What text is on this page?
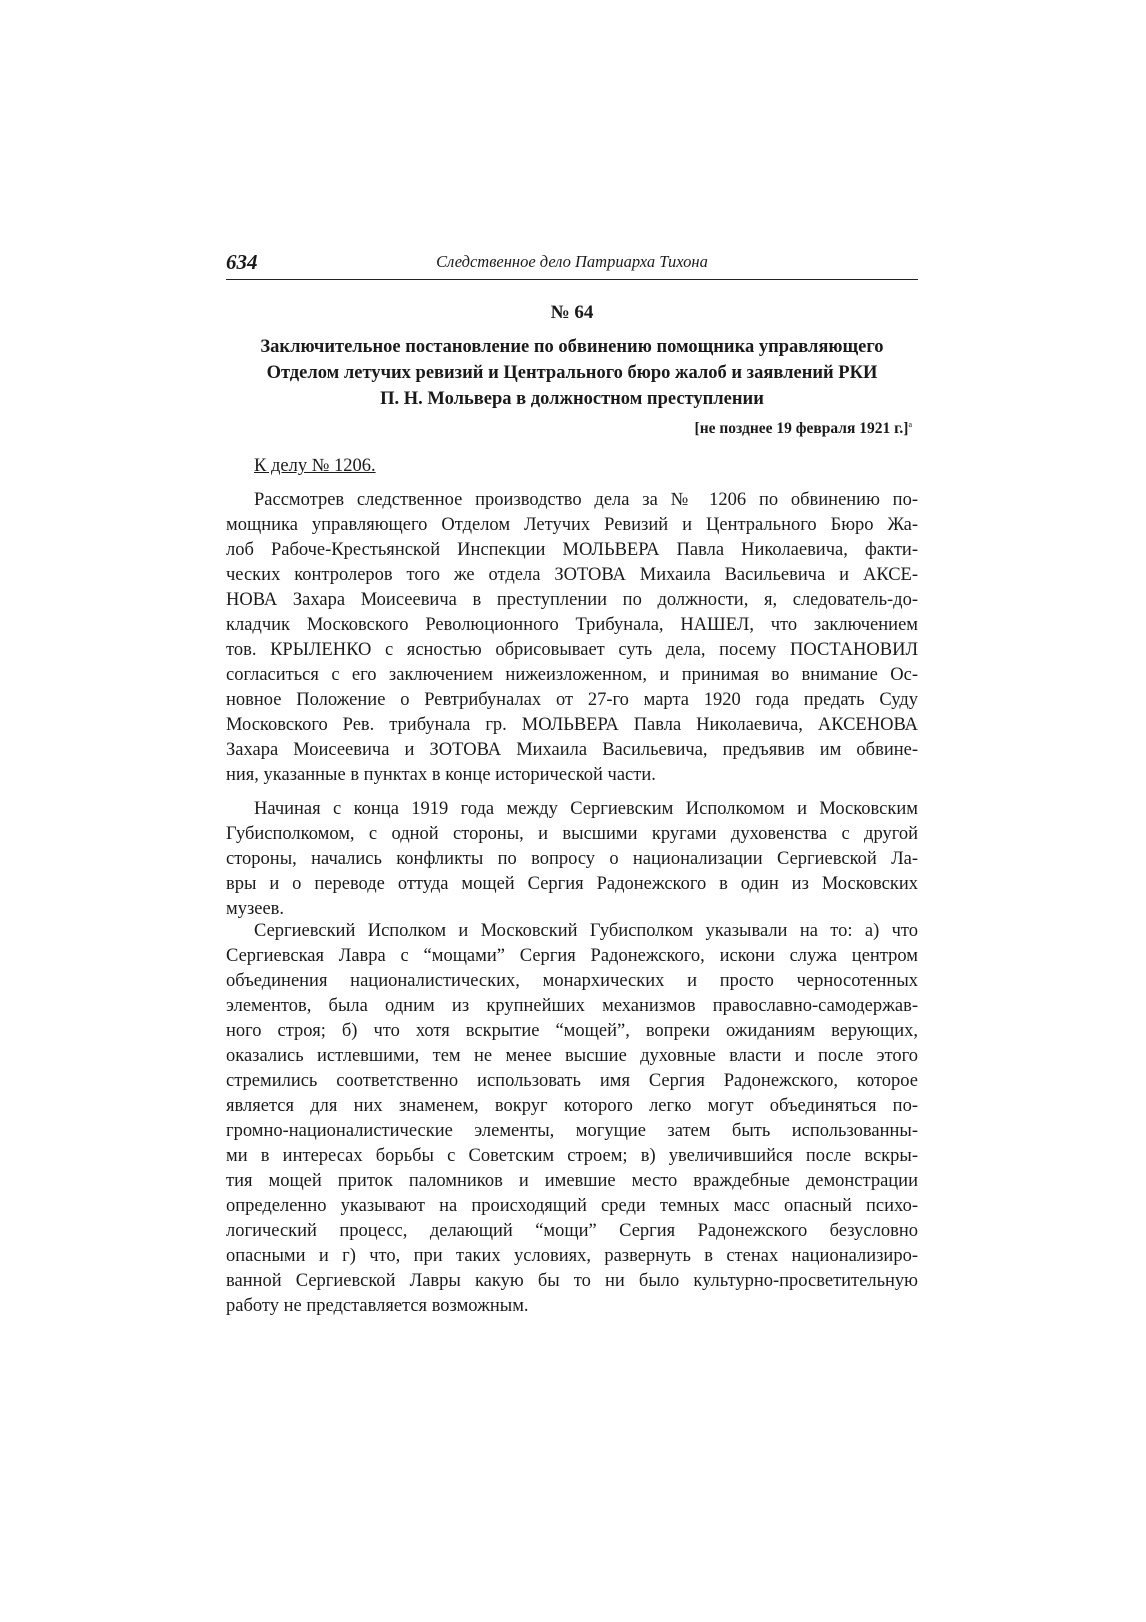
634	Следственное дело Патриарха Тихона
№ 64
Заключительное постановление по обвинению помощника управляющего
Отделом летучих ревизий и Центрального бюро жалоб и заявлений РКИ
П. Н. Мольвера в должностном преступлении
[не позднее 19 февраля 1921 г.]$^а$
К делу № 1206.
Рассмотрев следственное производство дела за № 1206 по обвинению по-
мощника управляющего Отделом Летучих Ревизий и Центрального Бюро Жа-
лоб Рабоче-Крестьянской Инспекции МОЛЬВЕРА Павла Николаевича, факти-
ческих контролеров того же отдела ЗОТОВА Михаила Васильевича и АКСЕ-
НОВА Захара Моисеевича в преступлении по должности, я, следователь-до-
кладчик Московского Революционного Трибунала, НАШЕЛ, что заключением
тов. КРЫЛЕНКО с ясностью обрисовывает суть дела, посему ПОСТАНОВИЛ
согласиться с его заключением нижеизложенном, и принимая во внимание Ос-
новное Положение о Ревтрибуналах от 27-го марта 1920 года предать Суду
Московского Рев. трибунала гр. МОЛЬВЕРА Павла Николаевича, АКСЕНОВА
Захара Моисеевича и ЗОТОВА Михаила Васильевича, предъявив им обвине-
ния, указанные в пунктах в конце исторической части.
Начиная с конца 1919 года между Сергиевским Исполкомом и Московским
Губисполкомом, с одной стороны, и высшими кругами духовенства с другой
стороны, начались конфликты по вопросу о национализации Сергиевской Ла-
вры и о переводе оттуда мощей Сергия Радонежского в один из Московских
музеев.
Сергиевский Исполком и Московский Губисполком указывали на то: а) что
Сергиевская Лавра с “мощами” Сергия Радонежского, искони служа центром
объединения националистических, монархических и просто черносотенных
элементов, была одним из крупнейших механизмов православно-самодержав-
ного строя; б) что хотя вскрытие “мощей”, вопреки ожиданиям верующих,
оказались истлевшими, тем не менее высшие духовные власти и после этого
стремились соответственно использовать имя Сергия Радонежского, которое
является для них знаменем, вокруг которого легко могут объединяться по-
громно-националистические элементы, могущие затем быть использованны-
ми в интересах борьбы с Советским строем; в) увеличившийся после вскры-
тия мощей приток паломников и имевшие место враждебные демонстрации
определенно указывают на происходящий среди темных масс опасный психо-
логический процесс, делающий “мощи” Сергия Радонежского безусловно
опасными и г) что, при таких условиях, развернуть в стенах национализиро-
ванной Сергиевской Лавры какую бы то ни было культурно-просветительную
работу не представляется возможным.
